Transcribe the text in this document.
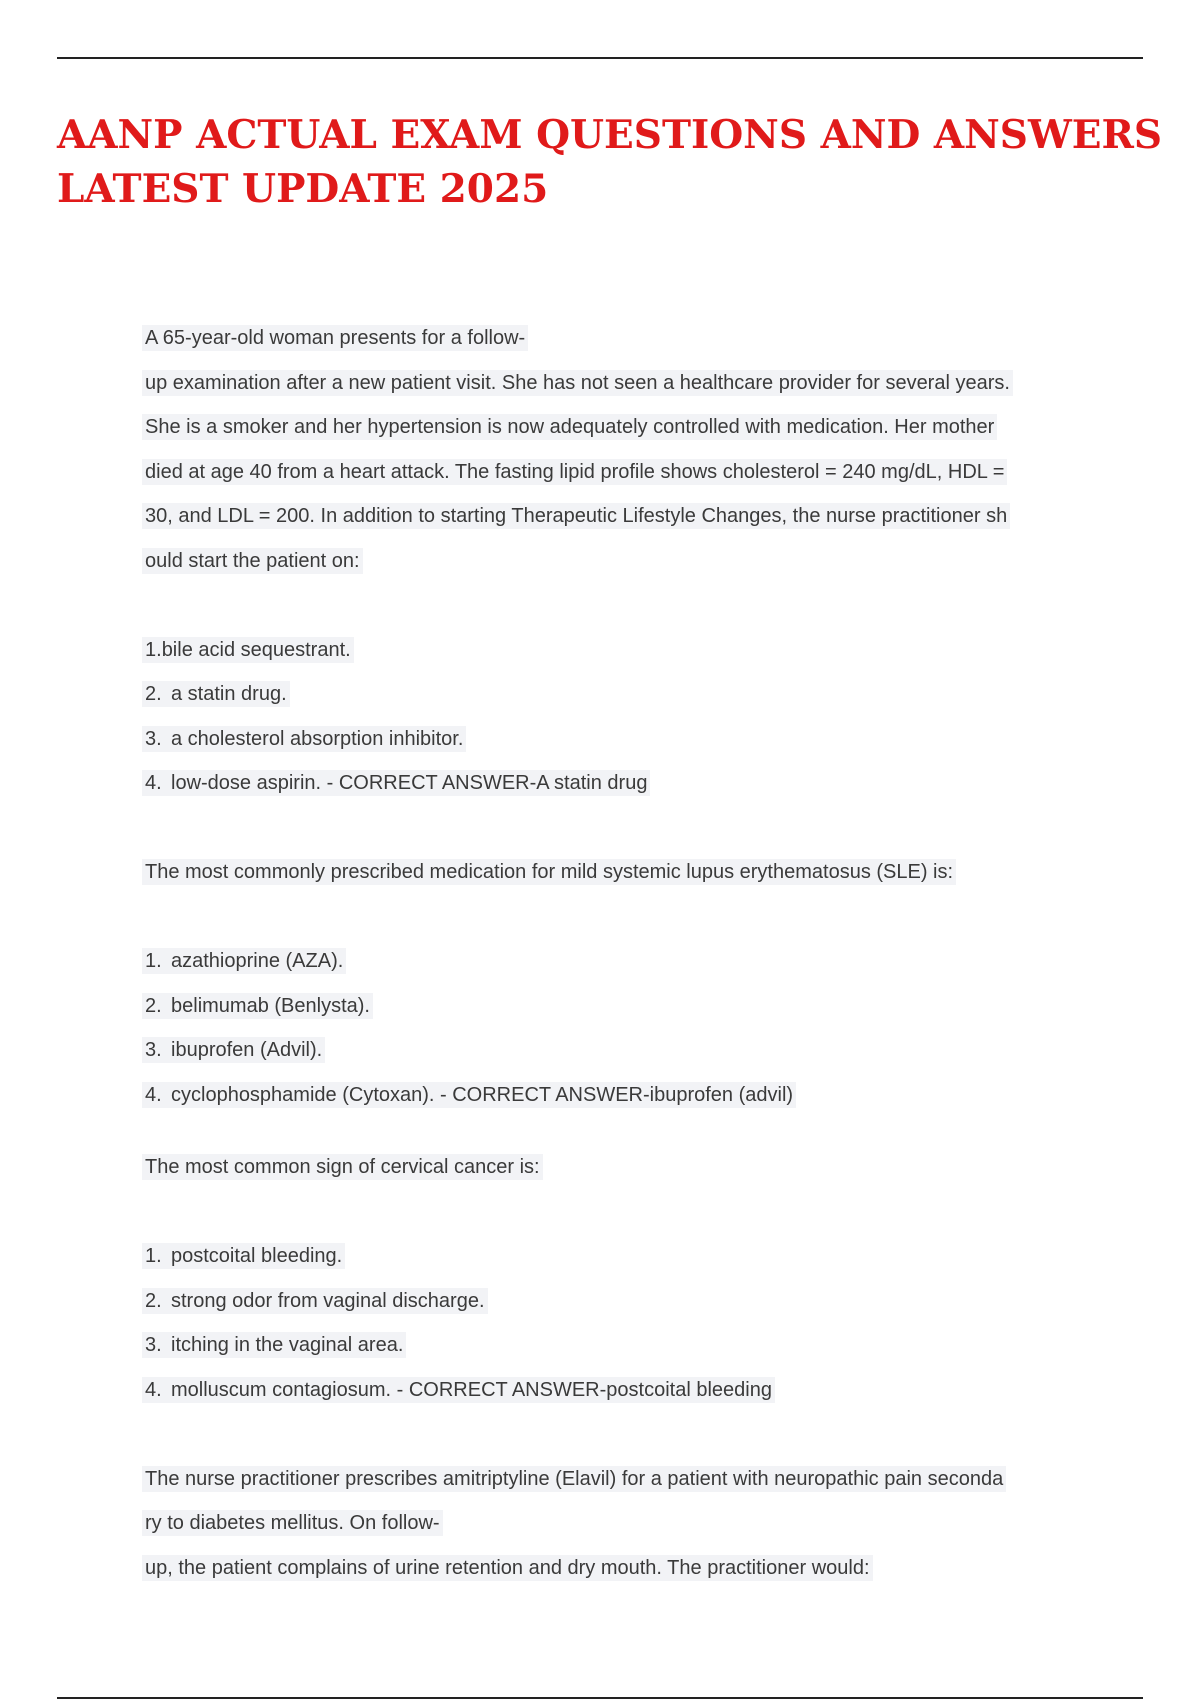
AANP ACTUAL EXAM QUESTIONS AND ANSWERS
LATEST UPDATE 2025
A 65-year-old woman presents for a follow-
up examination after a new patient visit. She has not seen a healthcare provider for several years.
She is a smoker and her hypertension is now adequately controlled with medication. Her mother
died at age 40 from a heart attack. The fasting lipid profile shows cholesterol = 240 mg/dL, HDL =
30, and LDL = 200. In addition to starting Therapeutic Lifestyle Changes, the nurse practitioner sh
ould start the patient on:
1.bile acid sequestrant.
2. a statin drug.
3. a cholesterol absorption inhibitor.
4. low-dose aspirin. - CORRECT ANSWER-A statin drug
The most commonly prescribed medication for mild systemic lupus erythematosus (SLE) is:
1. azathioprine (AZA).
2. belimumab (Benlysta).
3. ibuprofen (Advil).
4. cyclophosphamide (Cytoxan). - CORRECT ANSWER-ibuprofen (advil)
The most common sign of cervical cancer is:
1. postcoital bleeding.
2. strong odor from vaginal discharge.
3. itching in the vaginal area.
4. molluscum contagiosum. - CORRECT ANSWER-postcoital bleeding
The nurse practitioner prescribes amitriptyline (Elavil) for a patient with neuropathic pain seconda
ry to diabetes mellitus. On follow-
up, the patient complains of urine retention and dry mouth. The practitioner would:
